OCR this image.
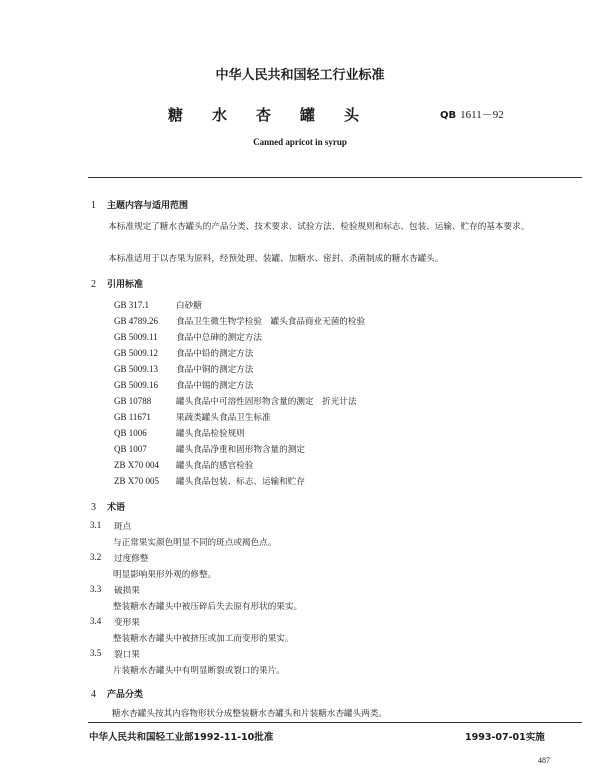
中华人民共和国轻工行业标准
糖水杏罐头	QB 1611－92
Canned apricot in syrup
1 主题内容与适用范围
本标准规定了糖水杏罐头的产品分类、技术要求、试验方法、检验规则和标志、包装、运输、贮存的基本要求。
本标准适用于以杏果为原料，经预处理、装罐、加糖水、密封、杀菌制成的糖水杏罐头。
2 引用标准
GB 317.1	白砂糖
GB 4789.26 食品卫生微生物学检验　罐头食品商业无菌的检验
GB 5009.11 食品中总砷的测定方法
GB 5009.12 食品中铅的测定方法
GB 5009.13 食品中铜的测定方法
GB 5009.16 食品中锡的测定方法
GB 10788	罐头食品中可溶性固形物含量的测定　折光计法
GB 11671	果蔬类罐头食品卫生标准
QB 1006	罐头食品检验规则
QB 1007	罐头食品净重和固形物含量的测定
ZB X70 004 罐头食品的感官检验
ZB X70 005 罐头食品包装、标志、运输和贮存
3 术语
3.1 斑点
与正常果实颜色明显不同的斑点或褐色点。
3.2 过度修整
明显影响果形外观的修整。
3.3 破损果
整装糖水杏罐头中被压碎后失去原有形状的果实。
3.4 变形果
整装糖水杏罐头中被挤压或加工而变形的果实。
3.5 裂口果
片装糖水杏罐头中有明显断裂或裂口的果片。
4 产品分类
糖水杏罐头按其内容物形状分成整装糖水杏罐头和片装糖水杏罐头两类。
中华人民共和国轻工业部1992-11-10批准	1993-07-01实施
487
